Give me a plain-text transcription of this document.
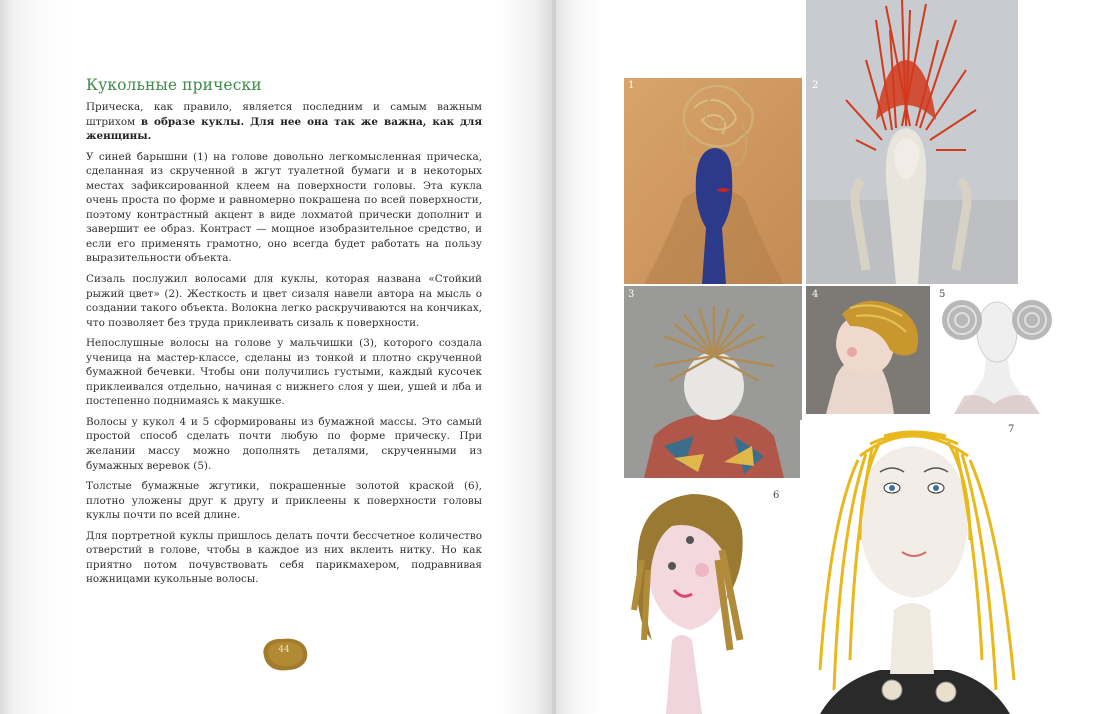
Кукольные прически

Прическа, как правило, является последним и самым важным штрихом в образе куклы. Для нее она так же важна, как для женщины.

У синей барышни (1) на голове довольно легкомысленная прическа, сделанная из скрученной в жгут туалетной бумаги и в некоторых местах зафиксированной клеем на поверхности головы. Эта кукла очень проста по форме и равномерно покрашена по всей поверхности, поэтому контрастный акцент в виде лохматой прически дополнит и завершит ее образ. Контраст — мощное изобразительное средство, и если его применять грамотно, оно всегда будет работать на пользу выразительности объекта.

Сизаль послужил волосами для куклы, которая названа «Стойкий рыжий цвет» (2). Жесткость и цвет сизаля навели автора на мысль о создании такого объекта. Волокна легко раскручиваются на кончиках, что позволяет без труда приклеивать сизаль к поверхности.

Непослушные волосы на голове у мальчишки (3), которого создала ученица на мастер-классе, сделаны из тонкой и плотно скрученной бумажной бечевки. Чтобы они получились густыми, каждый кусочек приклеивался отдельно, начиная с нижнего слоя у шеи, ушей и лба и постепенно поднимаясь к макушке.

Волосы у кукол 4 и 5 сформированы из бумажной массы. Это самый простой способ сделать почти любую по форме прическу. При желании массу можно дополнять деталями, скрученными из бумажных веревок (5).

Толстые бумажные жгутики, покрашенные золотой краской (6), плотно уложены друг к другу и приклеены к поверхности головы куклы почти по всей длине.

Для портретной куклы пришлось делать почти бессчетное количество отверстий в голове, чтобы в каждое из них вклеить нитку. Но как приятно потом почувствовать себя парикмахером, подравнивая ножницами кукольные волосы.

44
1	2
3	4	5
6
7
